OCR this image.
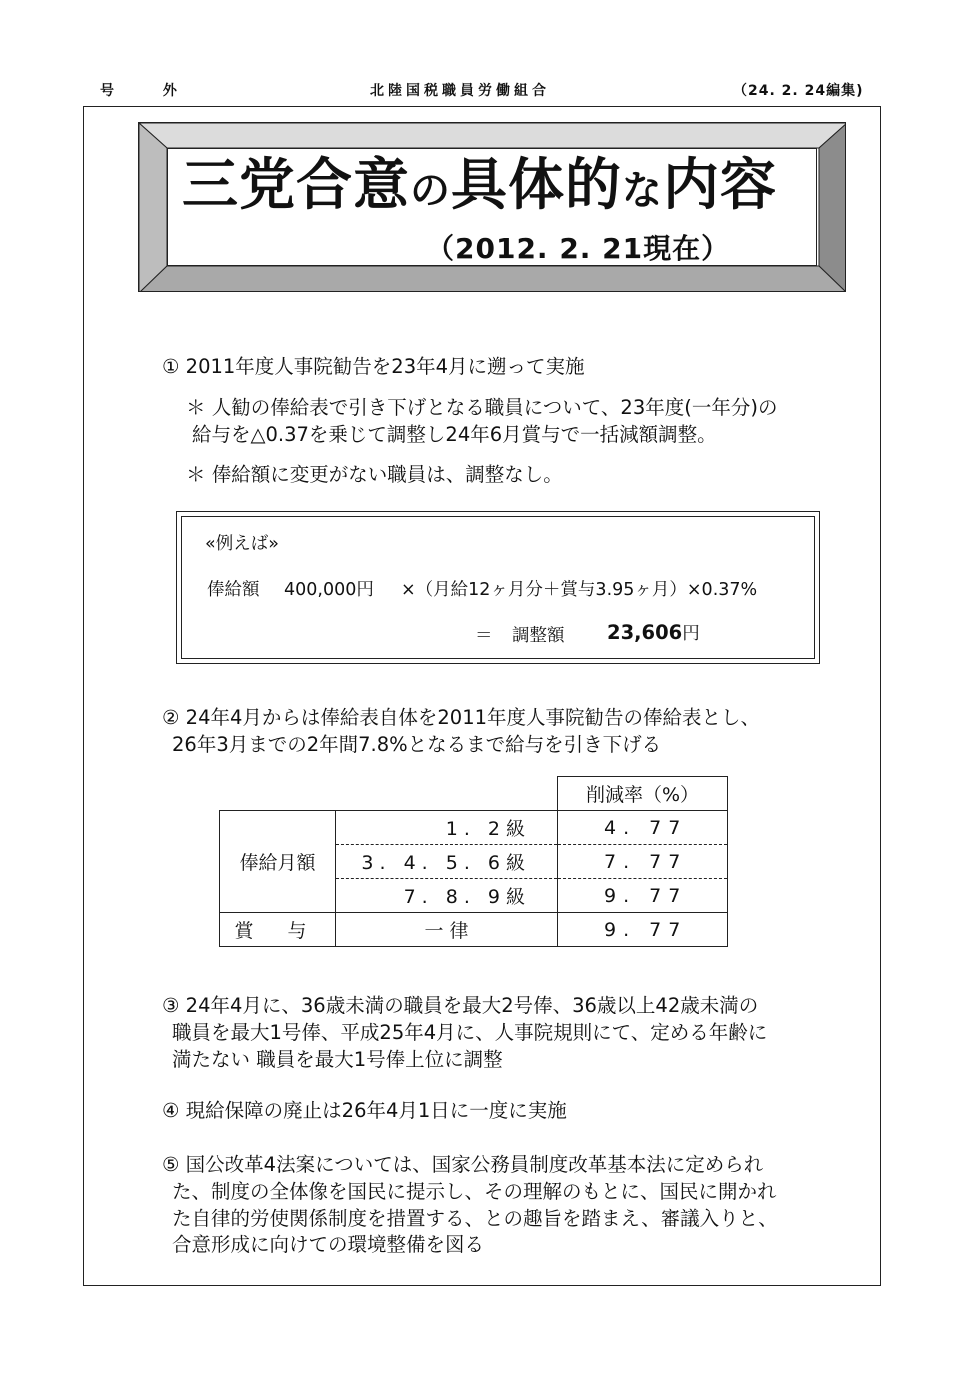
号 外	北陸国税職員労働組合	（24. 2. 24編集)
三党合意の具体的な内容
（2012. 2. 21現在）
① 2011年度人事院勧告を23年4月に遡って実施
＊ 人勧の俸給表で引き下げとなる職員について、23年度(一年分)の
給与を△0.37を乗じて調整し24年6月賞与で一括減額調整。
＊ 俸給額に変更がない職員は、調整なし。
«例えば»
俸給額 400,000円 ×（月給12ヶ月分＋賞与3.95ヶ月）×0.37%
＝ 調整額 23,606円
② 24年4月からは俸給表自体を2011年度人事院勧告の俸給表とし、
26年3月までの2年間7.8%となるまで給与を引き下げる
		削減率（%）
俸給月額	1. 2級	4. 77
	3. 4. 5. 6級	7. 77
	7. 8. 9級	9. 77
賞 与	一 律	9. 77
③ 24年4月に、36歳未満の職員を最大2号俸、36歳以上42歳未満の
職員を最大1号俸、平成25年4月に、人事院規則にて、定める年齢に
満たない 職員を最大1号俸上位に調整
④ 現給保障の廃止は26年4月1日に一度に実施
⑤ 国公改革4法案については、国家公務員制度改革基本法に定められ
た、制度の全体像を国民に提示し、その理解のもとに、国民に開かれ
た自律的労使関係制度を措置する、との趣旨を踏まえ、審議入りと、
合意形成に向けての環境整備を図る
